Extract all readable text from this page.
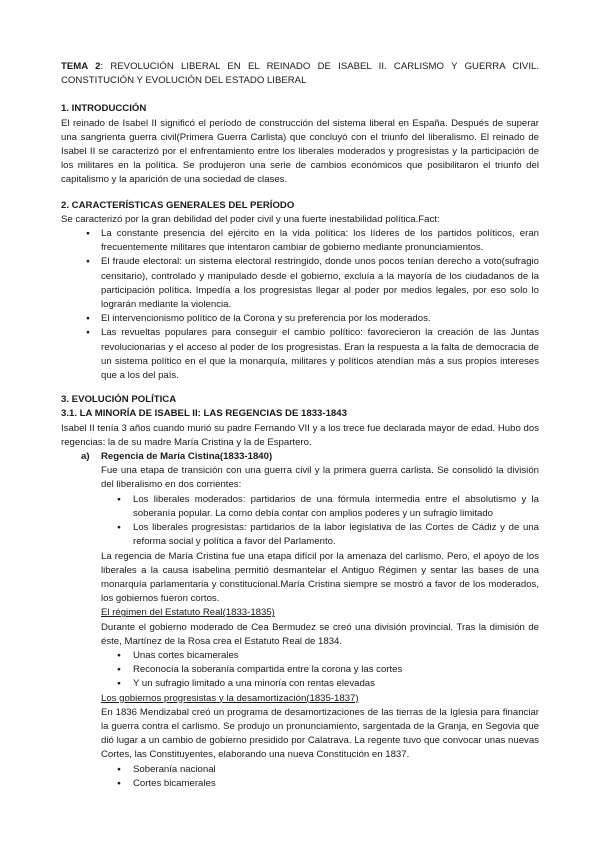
TEMA 2: REVOLUCIÓN LIBERAL EN EL REINADO DE ISABEL II. CARLISMO Y GUERRA CIVIL. CONSTITUCIÓN Y EVOLUCIÓN DEL ESTADO LIBERAL

1. INTRODUCCIÓN

El reinado de Isabel II significó el período de construcción del sistema liberal en España. Después de superar una sangrienta guerra civil(Primera Guerra Carlista) que concluyó con el triunfo del liberalismo. El reinado de Isabel II se caracterizó por el enfrentamiento entre los liberales moderados y progresistas y la participación de los militares en la política. Se produjeron una serie de cambios económicos que posibilitaron el triunfo del capitalismo y la aparición de una sociedad de clases.

2. CARACTERÍSTICAS GENERALES DEL PERÍODO

Se caracterizó por la gran debilidad del poder civil y una fuerte inestabilidad política.Fact:

● La constante presencia del ejército en la vida política: los líderes de los partidos políticos, eran frecuentemente militares que intentaron cambiar de gobierno mediante pronunciamientos.
● El fraude electoral: un sistema electoral restringido, donde unos pocos tenían derecho a voto(sufragio censitario), controlado y manipulado desde el gobierno, excluía a la mayoría de los ciudadanos de la participación política. Impedía a los progresistas llegar al poder por medios legales, por eso solo lo lograrán mediante la violencia.
● El intervencionismo político de la Corona y su preferencia por los moderados.
● Las revueltas populares para conseguir el cambio político: favorecieron la creación de las Juntas revolucionarias y el acceso al poder de los progresistas. Eran la respuesta a la falta de democracia de un sistema político en el que la monarquía, militares y políticos atendían más a sus propios intereses que a los del país.

3. EVOLUCIÓN POLÍTICA

3.1. LA MINORÍA DE ISABEL II: LAS REGENCIAS DE 1833-1843

Isabel II tenía 3 años cuando murió su padre Fernando VII y a los trece fue declarada mayor de edad. Hubo dos regencias: la de su madre María Cristina y la de Espartero.

a) Regencia de María Cistina(1833-1840)

Fue una etapa de transición con una guerra civil y la primera guerra carlista. Se consolidó la división del liberalismo en dos corrientes:

● Los liberales moderados: partidarios de una fórmula intermedia entre el absolutismo y la soberanía popular. La corno debía contar con amplios poderes y un sufragio limitado
● Los liberales progresistas: partidarios de la labor legislativa de las Cortes de Cádiz y de una reforma social y política a favor del Parlamento.

La regencia de María Cristina fue una etapa difícil por la amenaza del carlismo. Pero, el apoyo de los liberales a la causa isabelina permitió desmantelar el Antiguo Régimen y sentar las bases de una monarquía parlamentaria y constitucional.María Cristina siempre se mostró a favor de los moderados, los gobiernos fueron cortos.

El régimen del Estatuto Real(1833-1835)

Durante el gobierno moderado de Cea Bermudez se creó una división provincial. Tras la dimisión de éste, Martínez de la Rosa crea el Estatuto Real de 1834.

● Unas cortes bicamerales
● Reconocía la soberanía compartida entre la corona y las cortes
● Y un sufragio limitado a una minoría con rentas elevadas

Los gobiernos progresistas y la desamortización(1835-1837)

En 1836 Mendizabal creó un programa de desamortizaciones de las tierras de la Iglesia para financiar la guerra contra el carlismo. Se produjo un pronunciamiento, sargentada de la Granja, en Segovia que dió lugar a un cambio de gobierno presidido por Calatrava. La regente tuvo que convocar unas nuevas Cortes, las Constituyentes, elaborando una nueva Constitución en 1837.

● Soberanía nacional
● Cortes bicamerales
